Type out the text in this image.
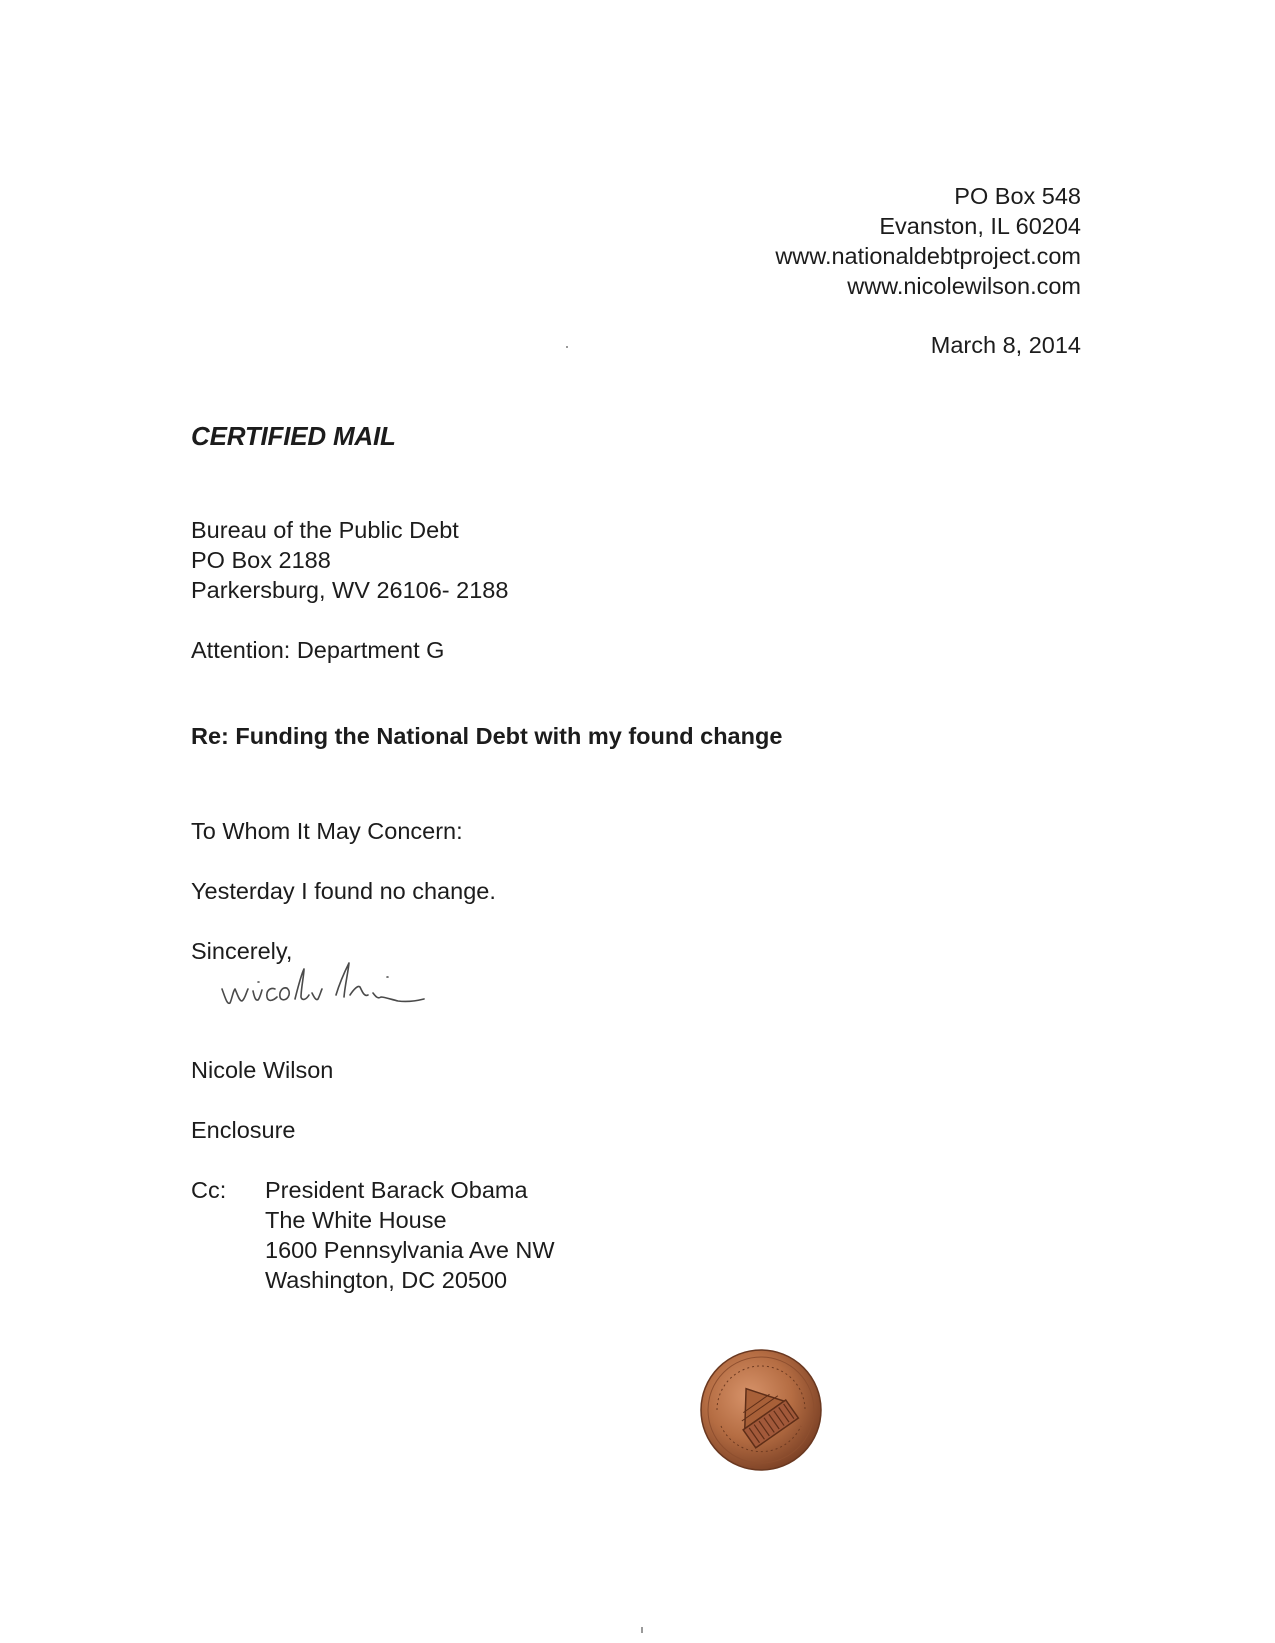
PO Box 548
Evanston, IL 60204
www.nationaldebtproject.com
www.nicolewilson.com
March 8, 2014
CERTIFIED MAIL
Bureau of the Public Debt
PO Box 2188
Parkersburg, WV 26106- 2188
Attention: Department G
Re: Funding the National Debt with my found change
To Whom It May Concern:
Yesterday I found no change.
Sincerely,
Nicole Wilson
Enclosure
Cc: President Barack Obama
The White House
1600 Pennsylvania Ave NW
Washington, DC 20500
